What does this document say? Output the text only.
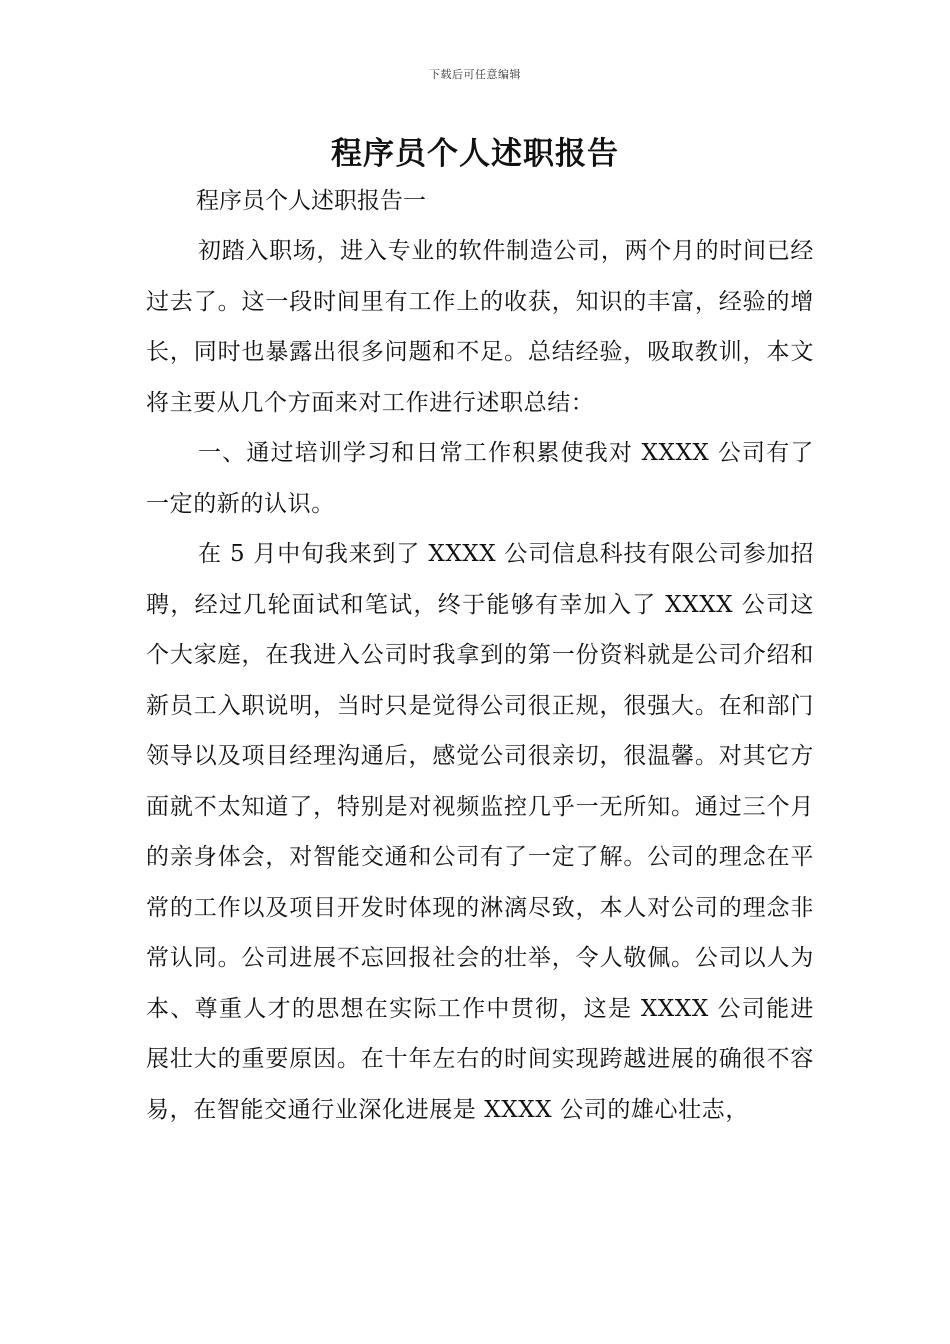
下载后可任意编辑
程序员个人述职报告

程序员个人述职报告一

初踏入职场，进入专业的软件制造公司，两个月的时间已经过去了。这一段时间里有工作上的收获，知识的丰富，经验的增长，同时也暴露出很多问题和不足。总结经验，吸取教训，本文将主要从几个方面来对工作进行述职总结：

一、通过培训学习和日常工作积累使我对 XXXX 公司有了一定的新的认识。

在 5 月中旬我来到了 XXXX 公司信息科技有限公司参加招聘，经过几轮面试和笔试，终于能够有幸加入了 XXXX 公司这个大家庭，在我进入公司时我拿到的第一份资料就是公司介绍和新员工入职说明，当时只是觉得公司很正规，很强大。在和部门领导以及项目经理沟通后，感觉公司很亲切，很温馨。对其它方面就不太知道了，特别是对视频监控几乎一无所知。通过三个月的亲身体会，对智能交通和公司有了一定了解。公司的理念在平常的工作以及项目开发时体现的淋漓尽致，本人对公司的理念非常认同。公司进展不忘回报社会的壮举，令人敬佩。公司以人为本、尊重人才的思想在实际工作中贯彻，这是 XXXX 公司能进展壮大的重要原因。在十年左右的时间实现跨越进展的确很不容易，在智能交通行业深化进展是 XXXX 公司的雄心壮志，
